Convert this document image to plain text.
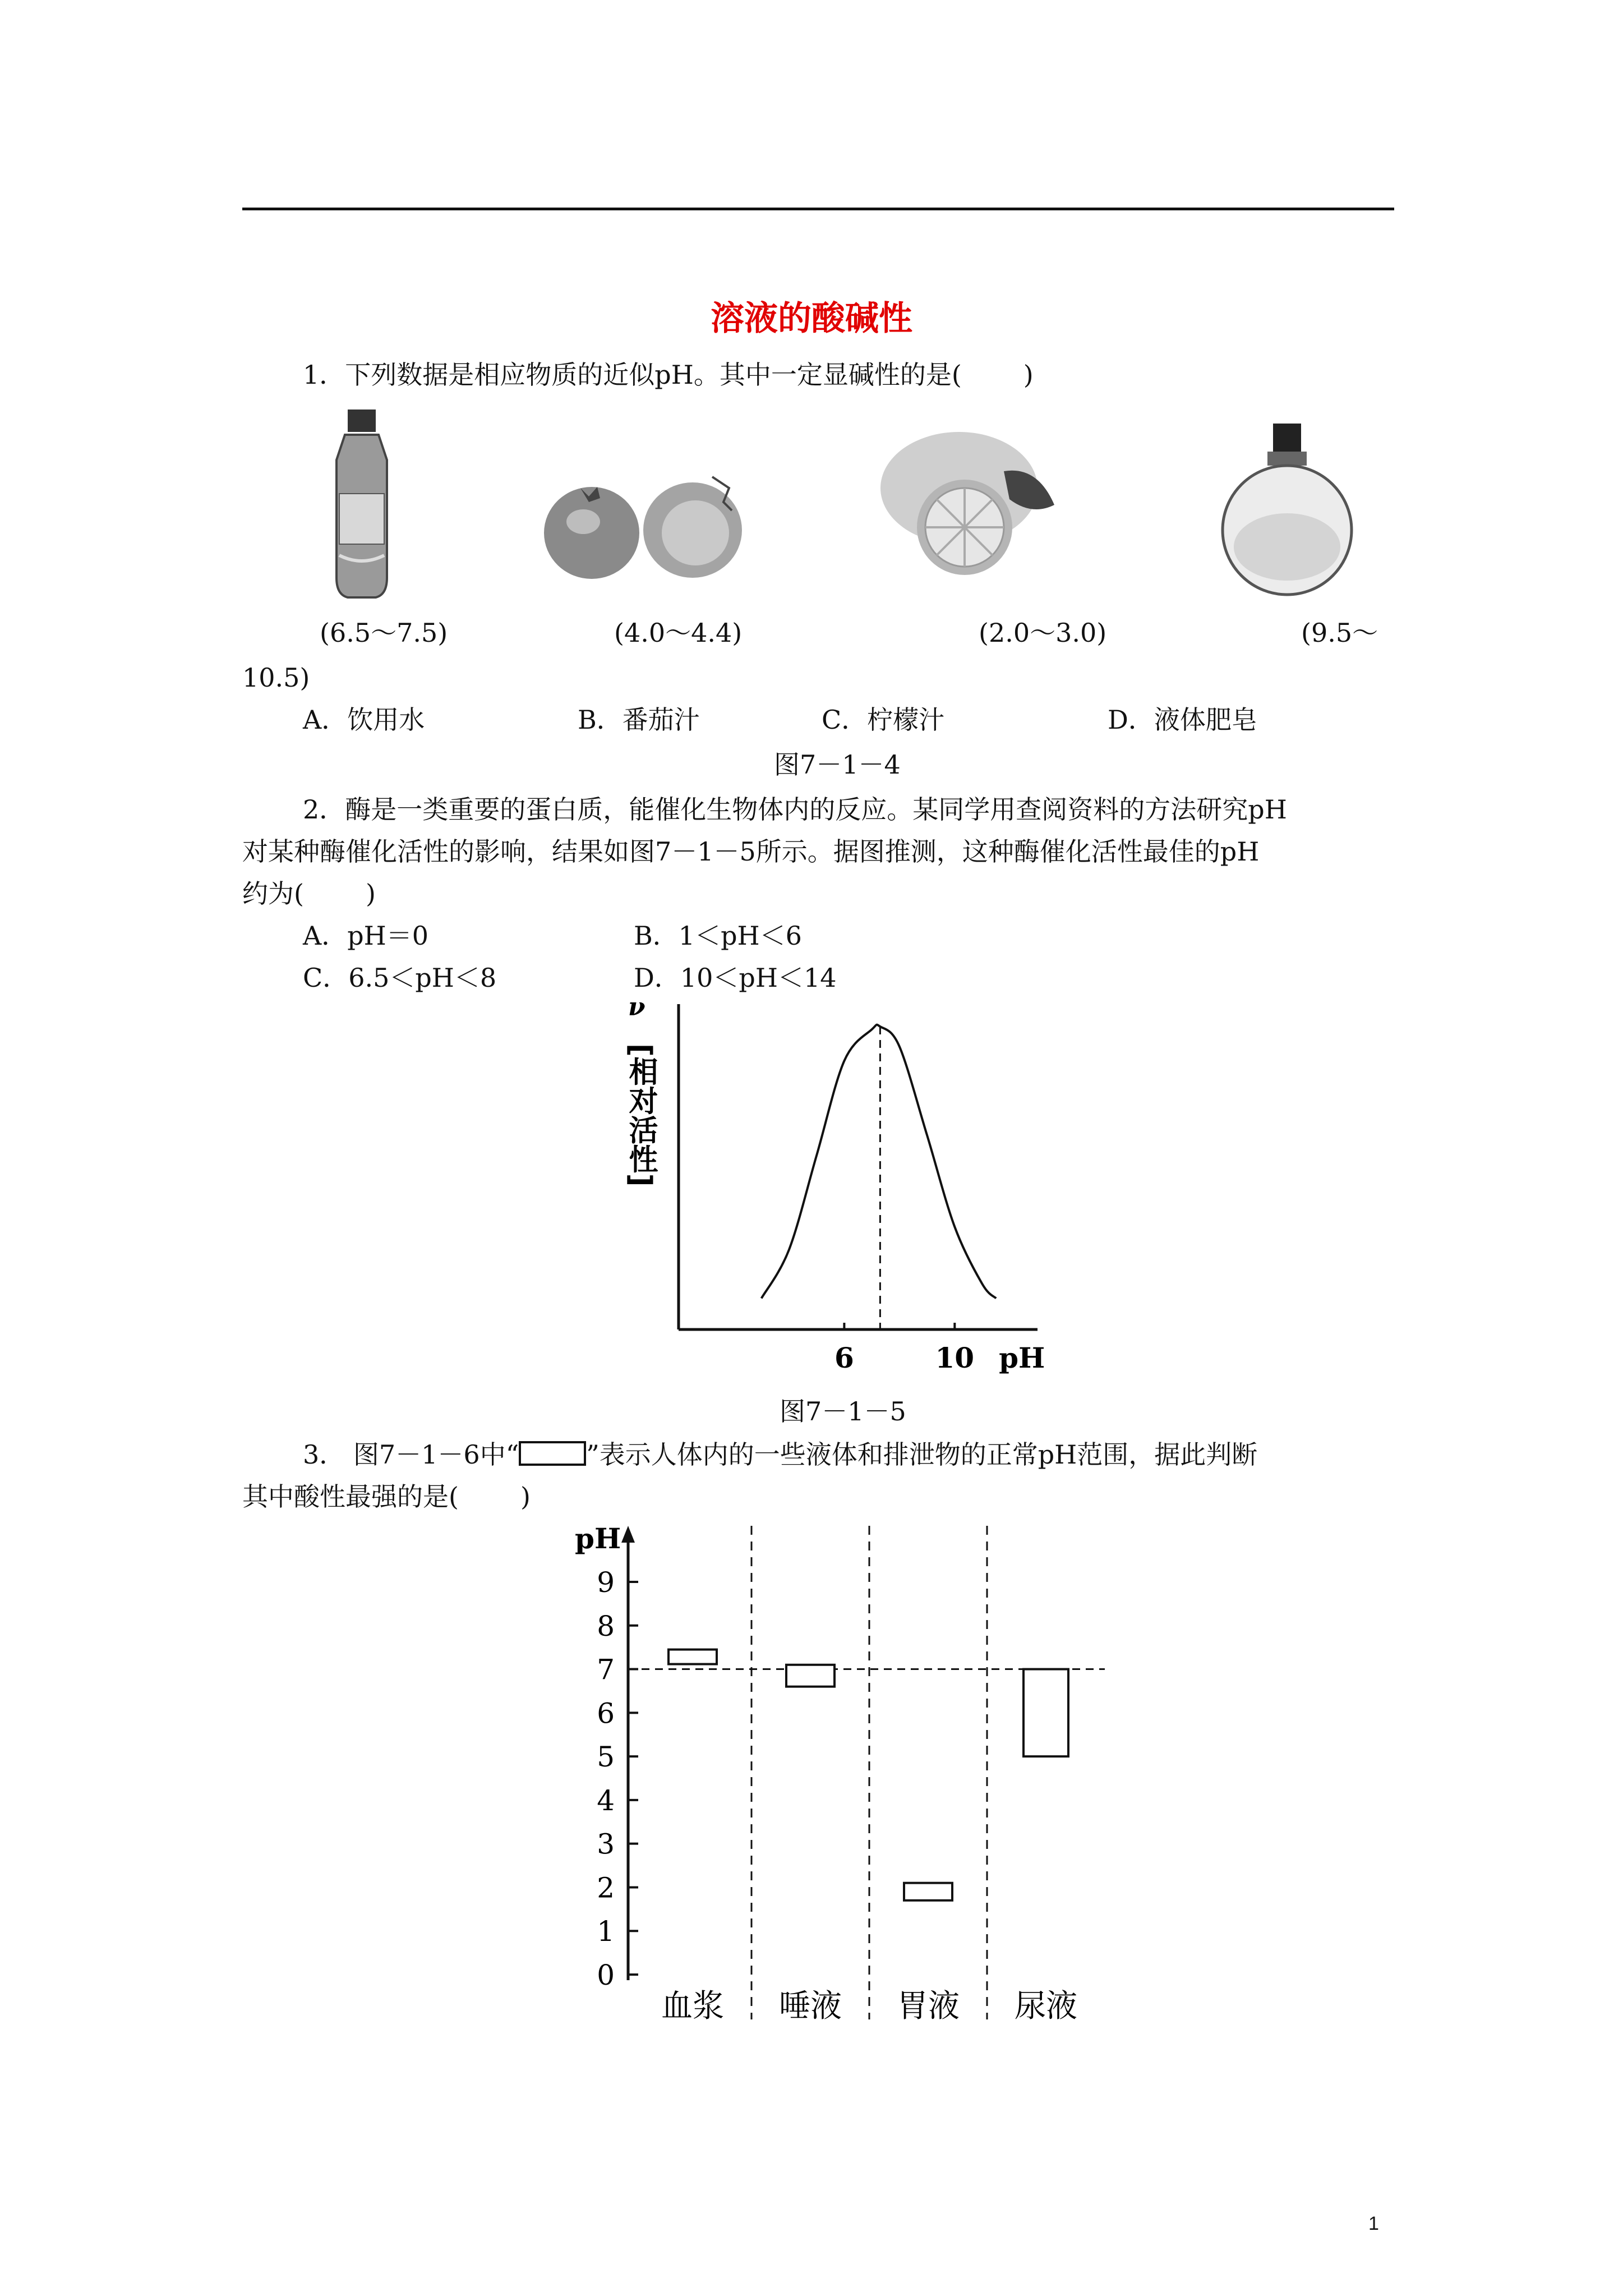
溶液的酸碱性
1．下列数据是相应物质的近似pH。其中一定显碱性的是( )
(6.5～7.5)	(4.0～4.4)	(2.0～3.0)	(9.5～
10.5)
A．饮用水	B．番茄汁	C．柠檬汁	D．液体肥皂
图7－1－4
2．酶是一类重要的蛋白质，能催化生物体内的反应。某同学用查阅资料的方法研究pH
对某种酶催化活性的影响，结果如图7－1－5所示。据图推测，这种酶催化活性最佳的pH
约为( )
A．pH＝0	B．1＜pH＜6
C．6.5＜pH＜8	D．10＜pH＜14
ν
[相对活性]
pH
6	10
图7－1－5
3． 图7－1－6中“	”表示人体内的一些液体和排泄物的正常pH范围，据此判断
其中酸性最强的是( )
pH
0
1
2
3
4
5
6
7
8
9
血浆 唾液 胃液 尿液
1
